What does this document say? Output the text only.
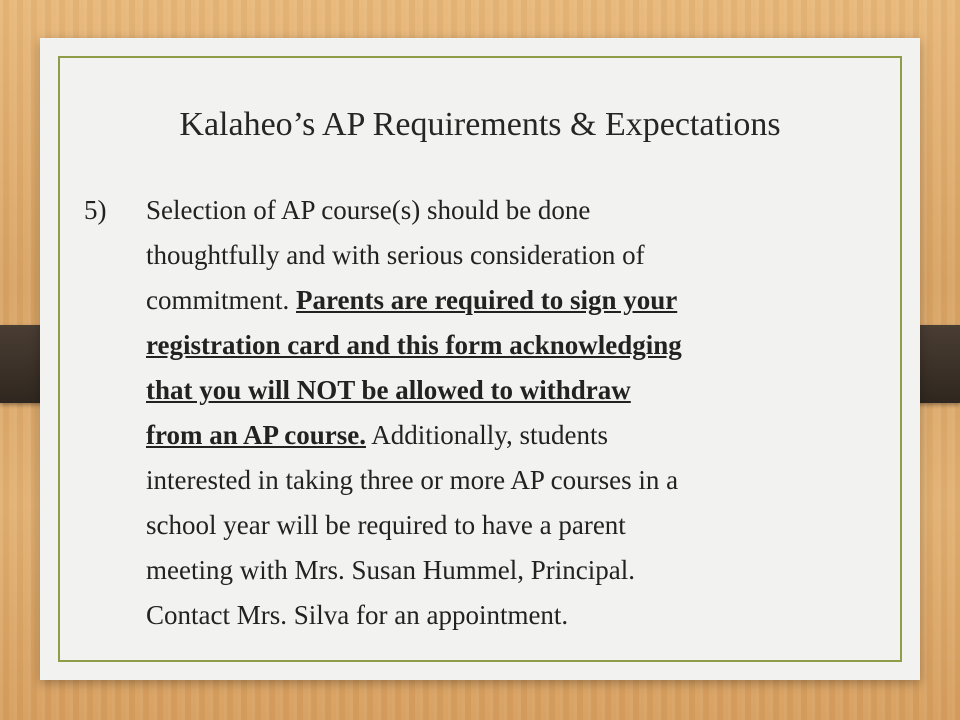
Kalaheo’s AP Requirements & Expectations
5) Selection of AP course(s) should be done
thoughtfully and with serious consideration of
commitment. Parents are required to sign your
registration card and this form acknowledging
that you will NOT be allowed to withdraw
from an AP course. Additionally, students
interested in taking three or more AP courses in a
school year will be required to have a parent
meeting with Mrs. Susan Hummel, Principal.
Contact Mrs. Silva for an appointment.
